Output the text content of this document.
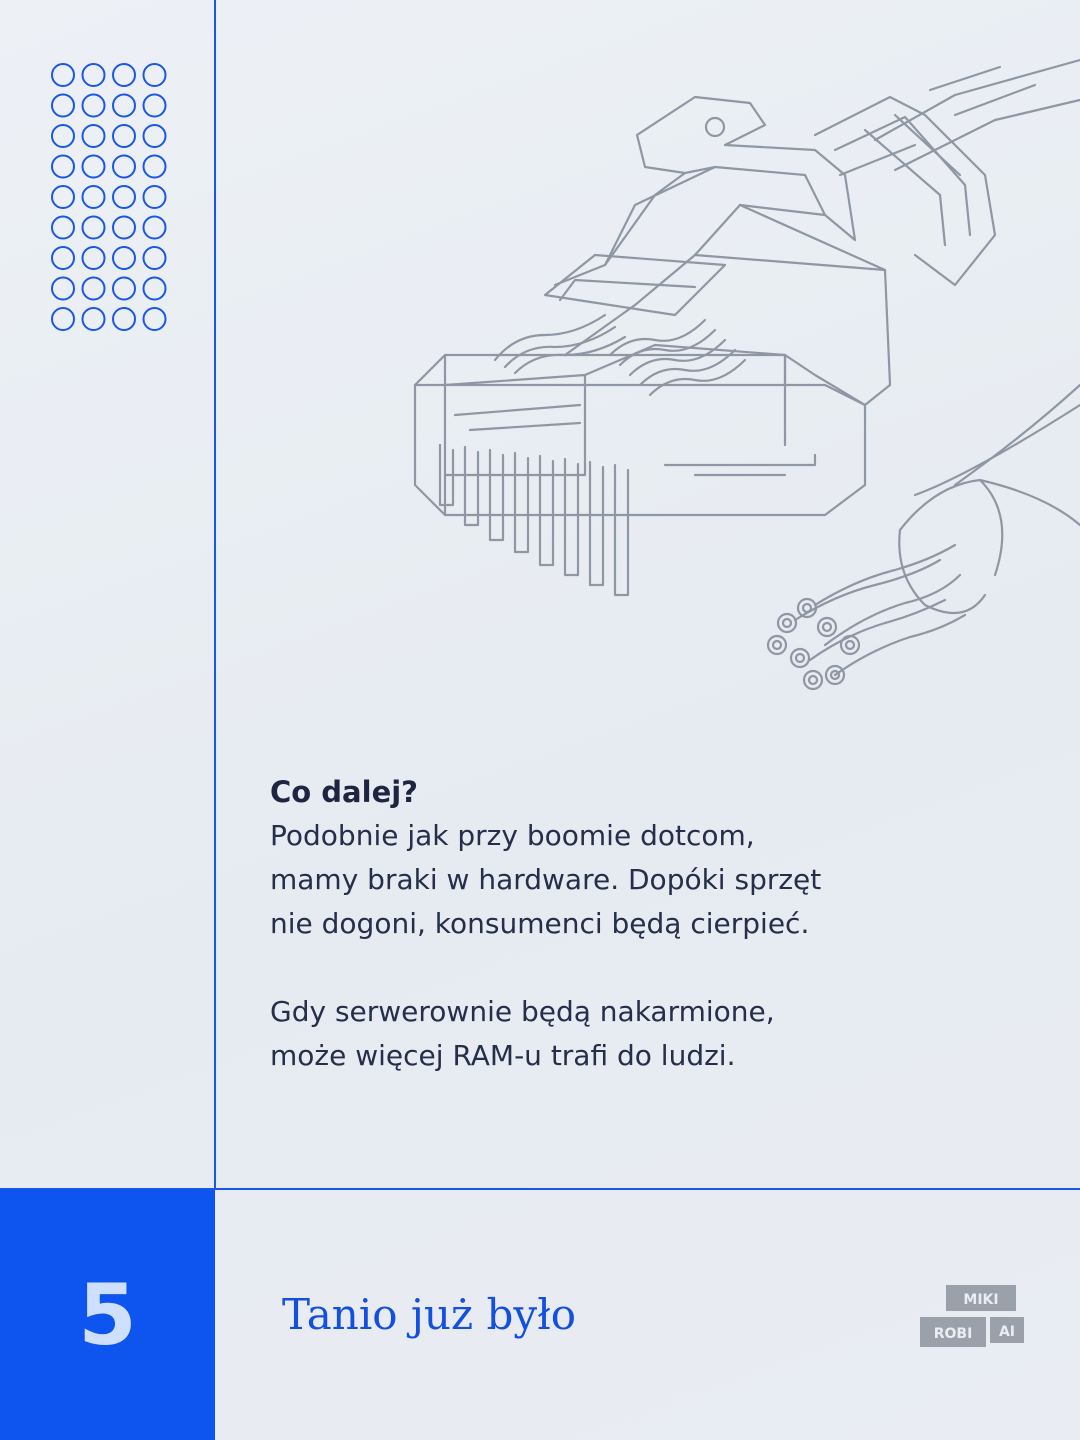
Co dalej?

Podobnie jak przy boomie dotcom,
mamy braki w hardware. Dopóki sprzęt
nie dogoni, konsumenci będą cierpieć.

Gdy serwerownie będą nakarmione,
może więcej RAM-u trafi do ludzi.

5	Tanio już było	MIKI
ROBI AI
